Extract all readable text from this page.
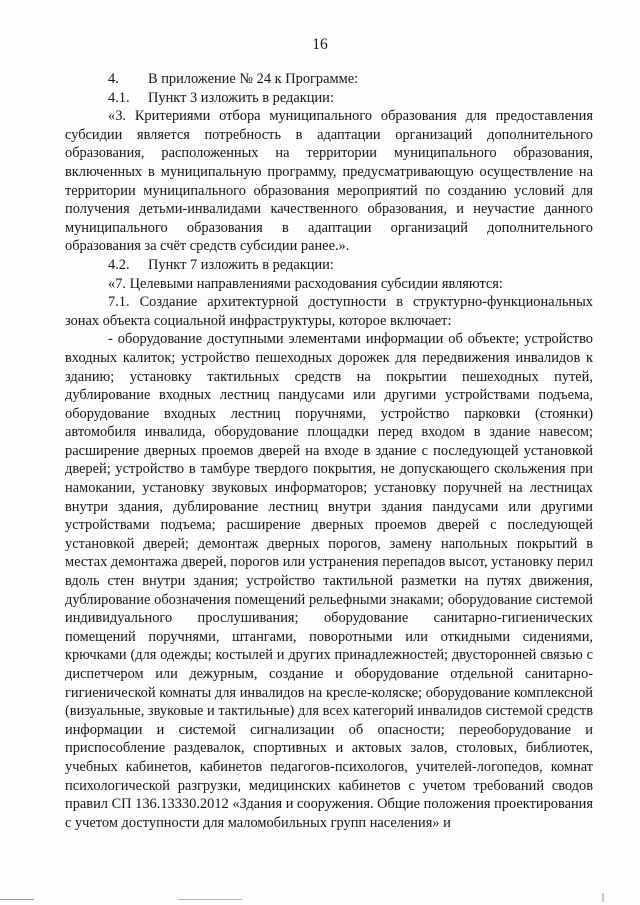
16

4. В приложение № 24 к Программе:

4.1. Пункт 3 изложить в редакции:

«3. Критериями отбора муниципального образования для предоставления субсидии является потребность в адаптации организаций дополнительного образования, расположенных на территории муниципального образования, включенных в муниципальную программу, предусматривающую осуществление на территории муниципального образования мероприятий по созданию условий для получения детьми-инвалидами качественного образования, и неучастие данного муниципального образования в адаптации организаций дополнительного образования за счёт средств субсидии ранее.».

4.2. Пункт 7 изложить в редакции:

«7. Целевыми направлениями расходования субсидии являются:

7.1. Создание архитектурной доступности в структурно-функциональных зонах объекта социальной инфраструктуры, которое включает:

- оборудование доступными элементами информации об объекте; устройство входных калиток; устройство пешеходных дорожек для передвижения инвалидов к зданию; установку тактильных средств на покрытии пешеходных путей, дублирование входных лестниц пандусами или другими устройствами подъема, оборудование входных лестниц поручнями, устройство парковки (стоянки) автомобиля инвалида, оборудование площадки перед входом в здание навесом; расширение дверных проемов дверей на входе в здание с последующей установкой дверей; устройство в тамбуре твердого покрытия, не допускающего скольжения при намокании, установку звуковых информаторов; установку поручней на лестницах внутри здания, дублирование лестниц внутри здания пандусами или другими устройствами подъема; расширение дверных проемов дверей с последующей установкой дверей; демонтаж дверных порогов, замену напольных покрытий в местах демонтажа дверей, порогов или устранения перепадов высот, установку перил вдоль стен внутри здания; устройство тактильной разметки на путях движения, дублирование обозначения помещений рельефными знаками; оборудование системой индивидуального прослушивания; оборудование санитарно-гигиенических помещений поручнями, штангами, поворотными или откидными сидениями, крючками (для одежды; костылей и других принадлежностей; двусторонней связью с диспетчером или дежурным, создание и оборудование отдельной санитарно-гигиенической комнаты для инвалидов на кресле-коляске; оборудование комплексной (визуальные, звуковые и тактильные) для всех категорий инвалидов системой средств информации и системой сигнализации об опасности; переоборудование и приспособление раздевалок, спортивных и актовых залов, столовых, библиотек, учебных кабинетов, кабинетов педагогов-психологов, учителей-логопедов, комнат психологической разгрузки, медицинских кабинетов с учетом требований сводов правил СП 136.13330.2012 «Здания и сооружения. Общие положения проектирования с учетом доступности для маломобильных групп населения» и
